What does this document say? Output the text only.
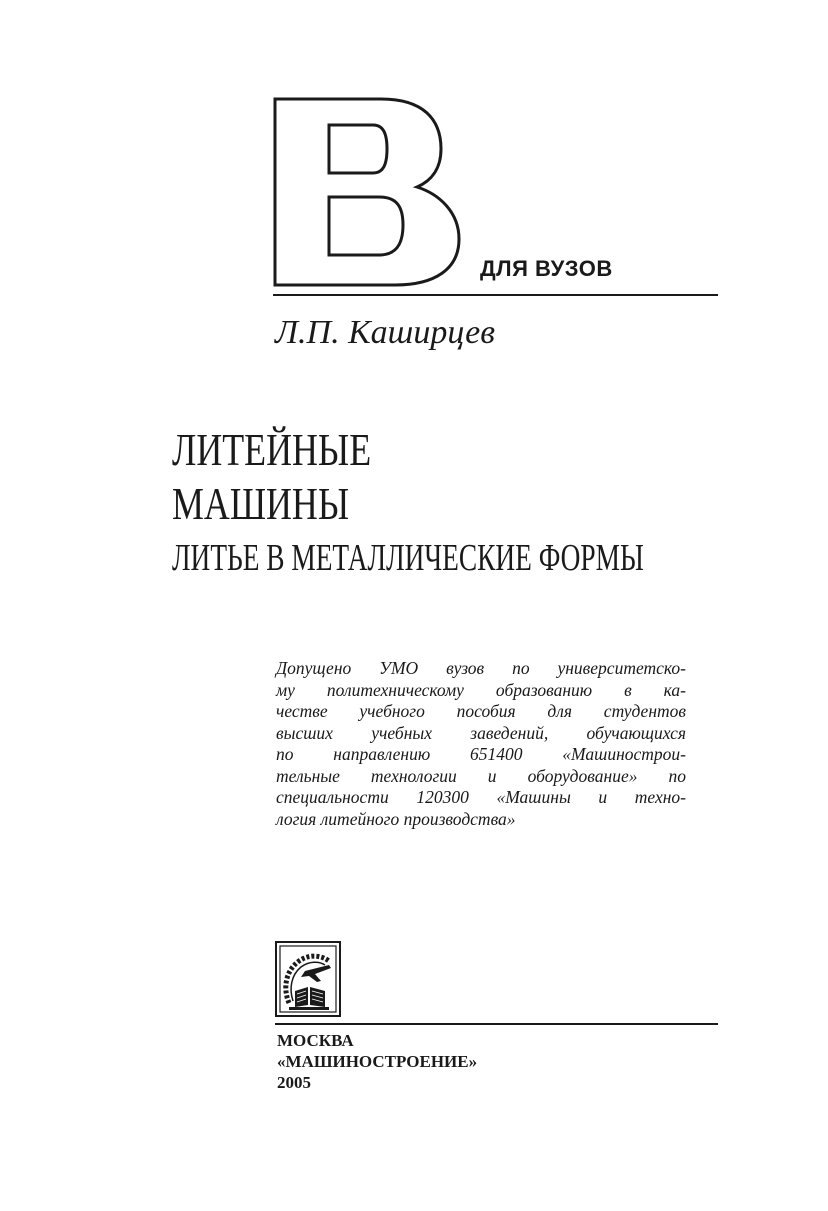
ДЛЯ ВУЗОВ
Л.П. Каширцев
ЛИТЕЙНЫЕ
МАШИНЫ
ЛИТЬЕ В МЕТАЛЛИЧЕСКИЕ ФОРМЫ
Допущено УМО вузов по университетско-
му политехническому образованию в ка-
честве учебного пособия для студентов
высших учебных заведений, обучающихся
по направлению 651400 «Машинострои-
тельные технологии и оборудование» по
специальности 120300 «Машины и техно-
логия литейного производства»
МОСКВА
«МАШИНОСТРОЕНИЕ»
2005
